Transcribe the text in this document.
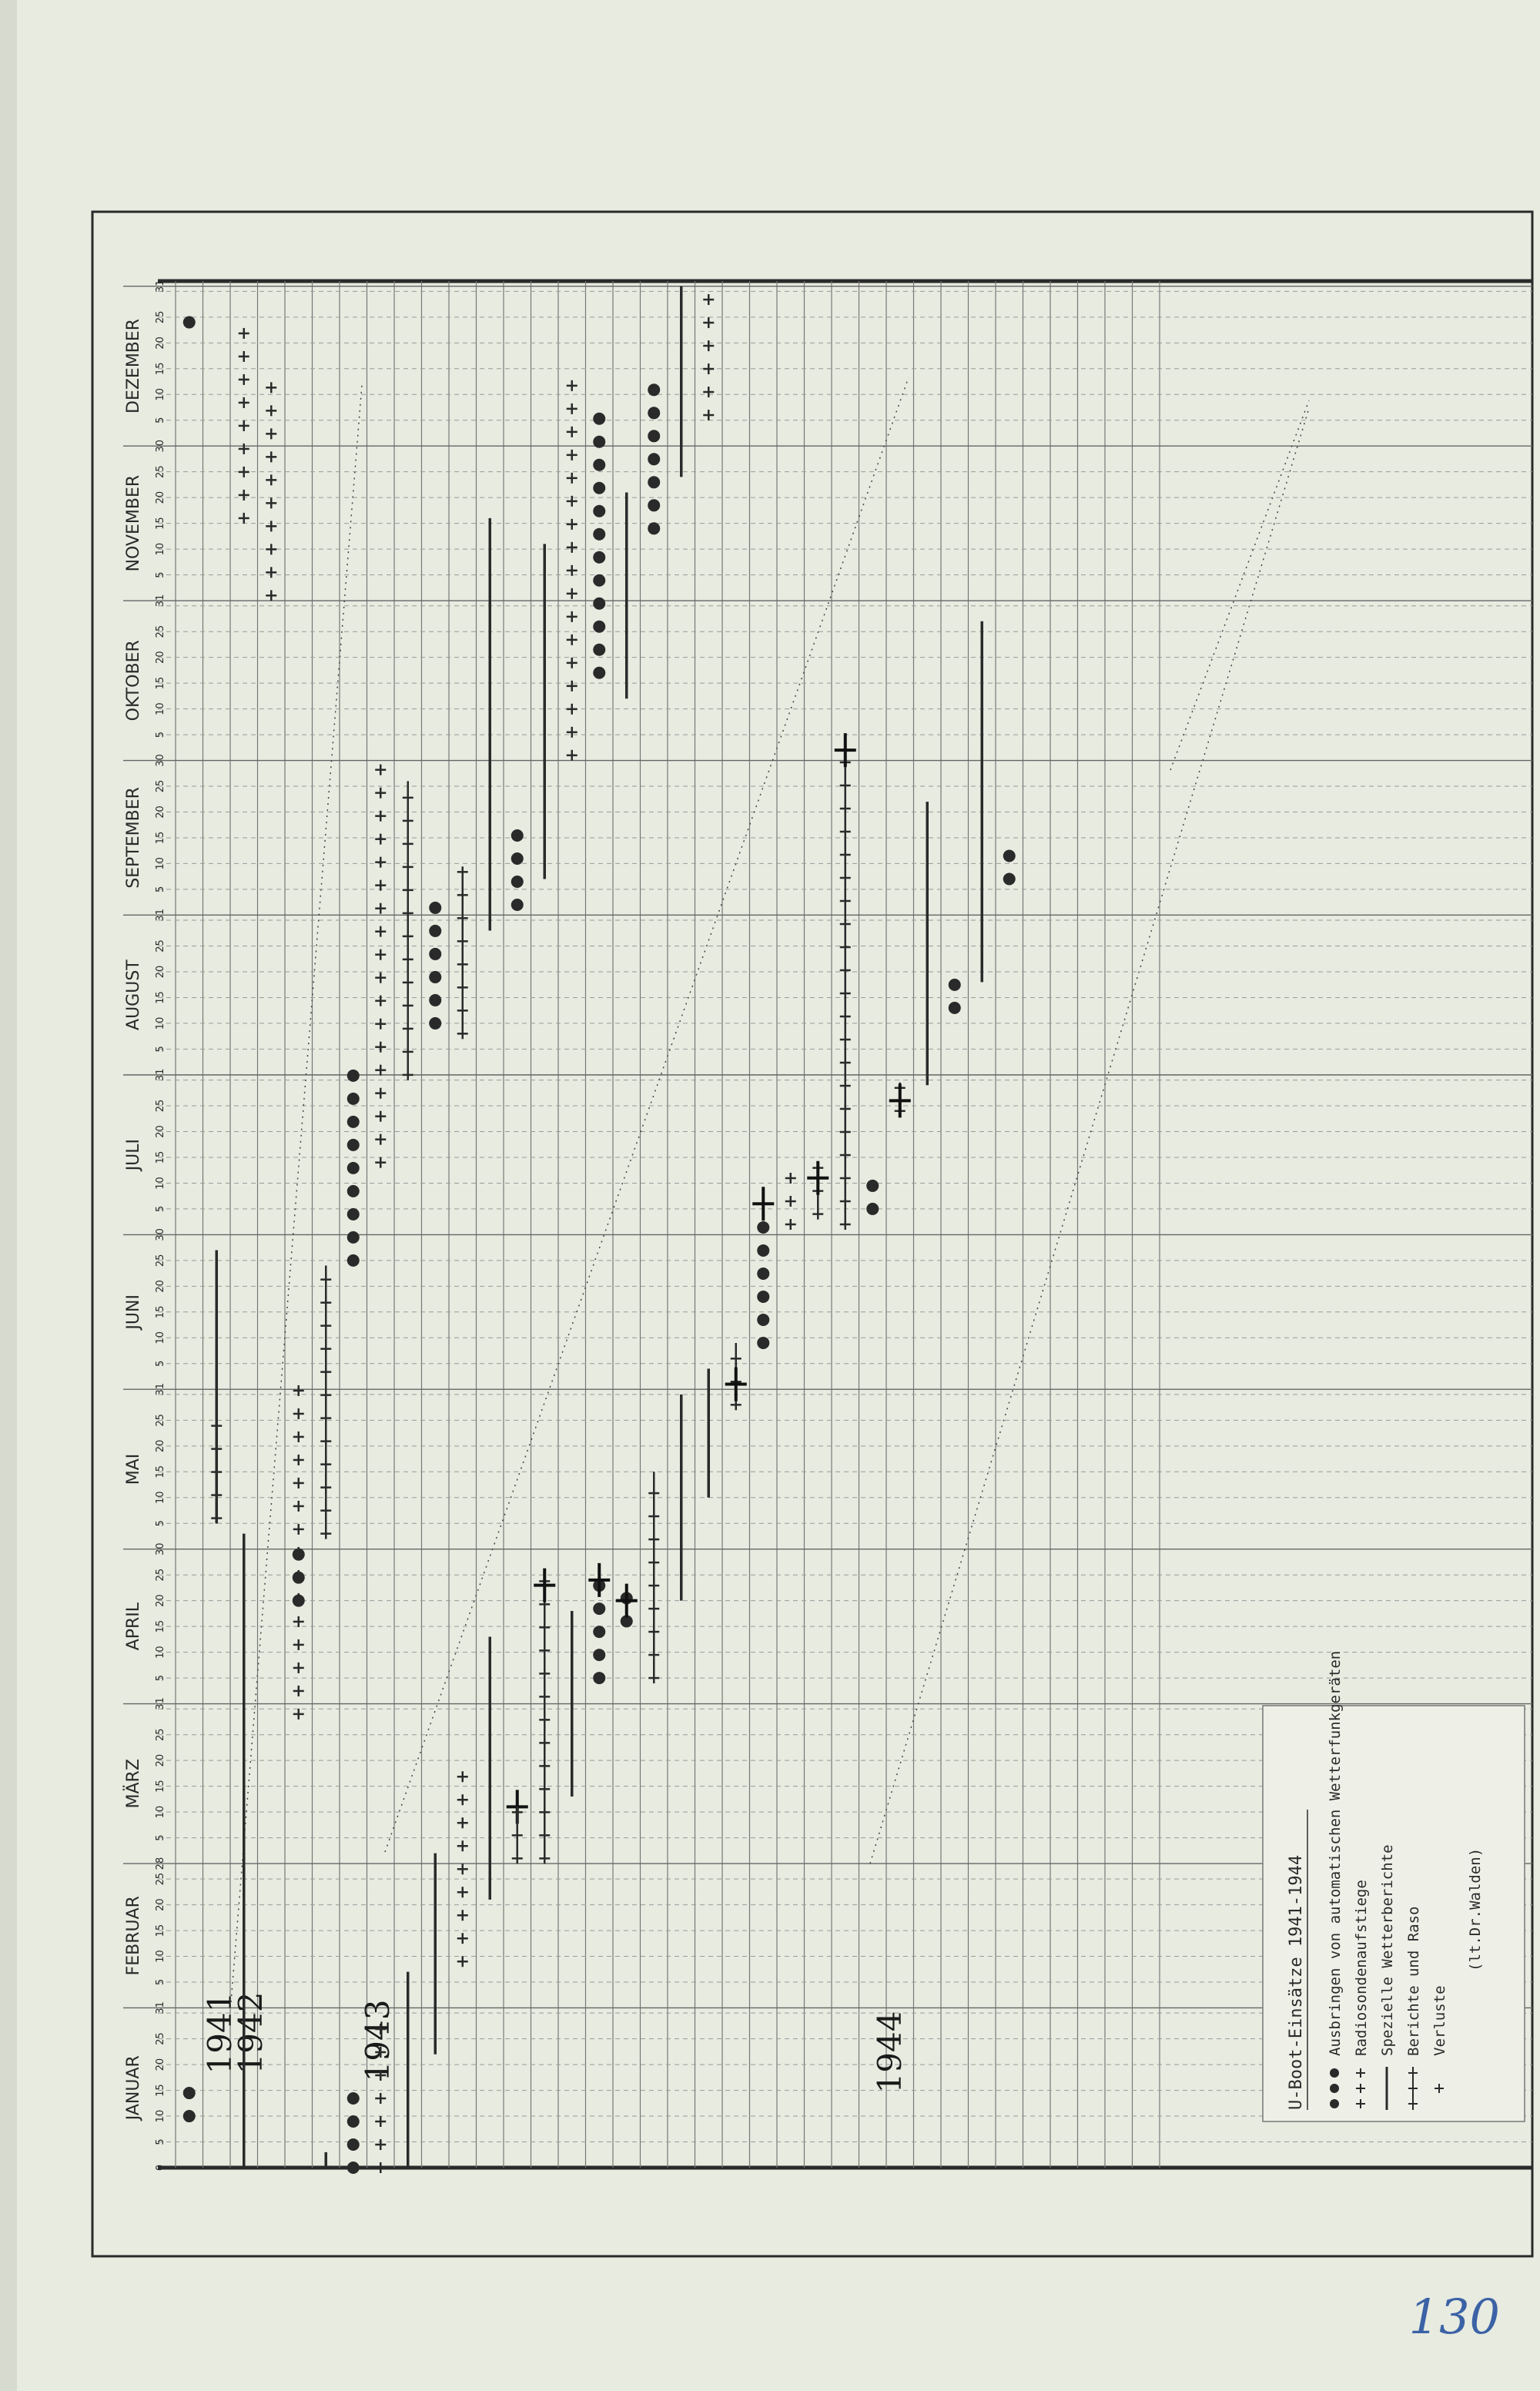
JANUAR
FEBRUAR
MÄRZ
APRIL
MAI
JUNI
JULI
AUGUST
SEPTEMBER
OKTOBER
NOVEMBER
DEZEMBER
0
5
10
15
20
25
31
5
10
15
20
25
28
5
10
15
20
25
31
5
10
15
20
25
30
5
10
15
20
25
31
5
10
15
20
25
30
5
10
15
20
25
31
5
10
15
20
25
31
5
10
15
20
25
30
5
10
15
20
25
31
5
10
15
20
25
30
5
10
15
20
25
31
1941
1942	1943	1944	U-Boot-Einsätze 1941-1944 Ausbringen von automatischen Wetterfunkgeräten Radiosondenaufstiege Spezielle Wetterberichte Berichte und Raso Verluste
(lt.Dr.Walden)
130
